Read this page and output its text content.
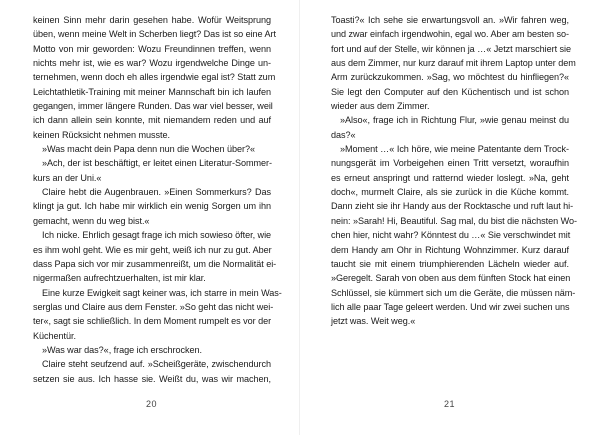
keinen Sinn mehr darin gesehen habe. Wofür Weitsprung
üben, wenn meine Welt in Scherben liegt? Das ist so eine Art
Motto von mir geworden: Wozu Freundinnen treffen, wenn
nichts mehr ist, wie es war? Wozu irgendwelche Dinge un-
ternehmen, wenn doch eh alles irgendwie egal ist? Statt zum
Leichtathletik-Training mit meiner Mannschaft bin ich laufen
gegangen, immer längere Runden. Das war viel besser, weil
ich dann allein sein konnte, mit niemandem reden und auf
keinen Rücksicht nehmen musste.
»Was macht dein Papa denn nun die Wochen über?«
»Ach, der ist beschäftigt, er leitet einen Literatur-Sommer-
kurs an der Uni.«
Claire hebt die Augenbrauen. »Einen Sommerkurs? Das
klingt ja gut. Ich habe mir wirklich ein wenig Sorgen um ihn
gemacht, wenn du weg bist.«
Ich nicke. Ehrlich gesagt frage ich mich sowieso öfter, wie
es ihm wohl geht. Wie es mir geht, weiß ich nur zu gut. Aber
dass Papa sich vor mir zusammenreißt, um die Normalität ei-
nigermaßen aufrechtzuerhalten, ist mir klar.
Eine kurze Ewigkeit sagt keiner was, ich starre in mein Was-
serglas und Claire aus dem Fenster. »So geht das nicht wei-
ter«, sagt sie schließlich. In dem Moment rumpelt es vor der
Küchentür.
»Was war das?«, frage ich erschrocken.
Claire steht seufzend auf. »Scheißgeräte, zwischendurch
setzen sie aus. Ich hasse sie. Weißt du, was wir machen,
20
Toasti?« Ich sehe sie erwartungsvoll an. »Wir fahren weg,
und zwar einfach irgendwohin, egal wo. Aber am besten so-
fort und auf der Stelle, wir können ja …« Jetzt marschiert sie
aus dem Zimmer, nur kurz darauf mit ihrem Laptop unter dem
Arm zurückzukommen. »Sag, wo möchtest du hinfliegen?«
Sie legt den Computer auf den Küchentisch und ist schon
wieder aus dem Zimmer.
»Also«, frage ich in Richtung Flur, »wie genau meinst du
das?«
»Moment …« Ich höre, wie meine Patentante dem Trock-
nungsgerät im Vorbeigehen einen Tritt versetzt, woraufhin
es erneut anspringt und ratternd wieder loslegt. »Na, geht
doch«, murmelt Claire, als sie zurück in die Küche kommt.
Dann zieht sie ihr Handy aus der Rocktasche und ruft laut hi-
nein: »Sarah! Hi, Beautiful. Sag mal, du bist die nächsten Wo-
chen hier, nicht wahr? Könntest du …« Sie verschwindet mit
dem Handy am Ohr in Richtung Wohnzimmer. Kurz darauf
taucht sie mit einem triumphierenden Lächeln wieder auf.
»Geregelt. Sarah von oben aus dem fünften Stock hat einen
Schlüssel, sie kümmert sich um die Geräte, die müssen näm-
lich alle paar Tage geleert werden. Und wir zwei suchen uns
jetzt was. Weit weg.«
21
